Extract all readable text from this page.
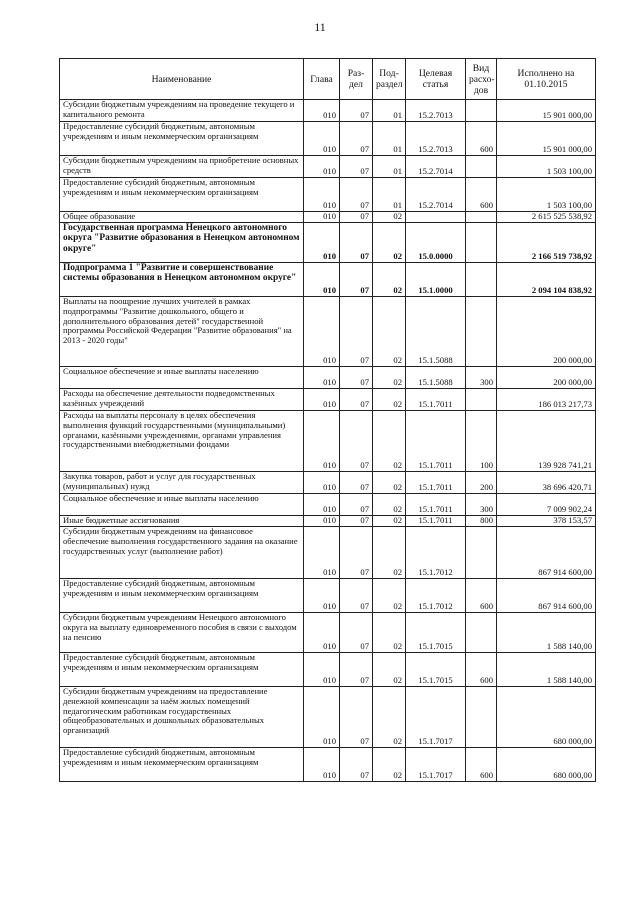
11
Наименование	Глава	Раз-дел	Под-раздел	Целевая статья	Вид расхо-дов	Исполнено на 01.10.2015
Субсидии бюджетным учреждениям на проведение текущего и капитального ремонта	010	07	01	15.2.7013		15 901 000,00
Предоставление субсидий бюджетным, автономным учреждениям и иным некоммерческим организациям	010	07	01	15.2.7013	600	15 901 000,00
Субсидии бюджетным учреждениям на приобретение основных средств	010	07	01	15.2.7014		1 503 100,00
Предоставление субсидий бюджетным, автономным учреждениям и иным некоммерческим организациям	010	07	01	15.2.7014	600	1 503 100,00
Общее образование	010	07	02			2 615 525 538,92
Государственная программа Ненецкого автономного округа "Развитие образования в Ненецком автономном округе"	010	07	02	15.0.0000		2 166 519 738,92
Подпрограмма 1 "Развитие и совершенствование системы образования в Ненецком автономном округе"	010	07	02	15.1.0000		2 094 104 838,92
Выплаты на поощрение лучших учителей в рамках подпрограммы "Развитие дошкольного, общего и дополнительного образования детей" государственной программы Российской Федерации "Развитие образования" на 2013 - 2020 годы"	010	07	02	15.1.5088		200 000,00
Социальное обеспечение и иные выплаты населению	010	07	02	15.1.5088	300	200 000,00
Расходы на обеспечение деятельности подведомственных казённых учреждений	010	07	02	15.1.7011		186 013 217,73
Расходы на выплаты персоналу в целях обеспечения выполнения функций государственными (муниципальными) органами, казёнными учреждениями, органами управления государственными внебюджетными фондами	010	07	02	15.1.7011	100	139 928 741,21
Закупка товаров, работ и услуг для государственных (муниципальных) нужд	010	07	02	15.1.7011	200	38 696 420,71
Социальное обеспечение и иные выплаты населению	010	07	02	15.1.7011	300	7 009 902,24
Иные бюджетные ассигнования	010	07	02	15.1.7011	800	378 153,57
Субсидии бюджетным учреждениям на финансовое обеспечение выполнения государственного задания на оказание государственных услуг (выполнение работ)	010	07	02	15.1.7012		867 914 600,00
Предоставление субсидий бюджетным, автономным учреждениям и иным некоммерческим организациям	010	07	02	15.1.7012	600	867 914 600,00
Субсидии бюджетным учреждениям Ненецкого автономного округа на выплату единовременного пособия в связи с выходом на пенсию	010	07	02	15.1.7015		1 588 140,00
Предоставление субсидий бюджетным, автономным учреждениям и иным некоммерческим организациям	010	07	02	15.1.7015	600	1 588 140,00
Субсидии бюджетным учреждениям на предоставление денежной компенсации за наём жилых помещений педагогическим работникам государственных общеобразовательных и дошкольных образовательных организаций	010	07	02	15.1.7017		680 000,00
Предоставление субсидий бюджетным, автономным учреждениям и иным некоммерческим организациям	010	07	02	15.1.7017	600	680 000,00
